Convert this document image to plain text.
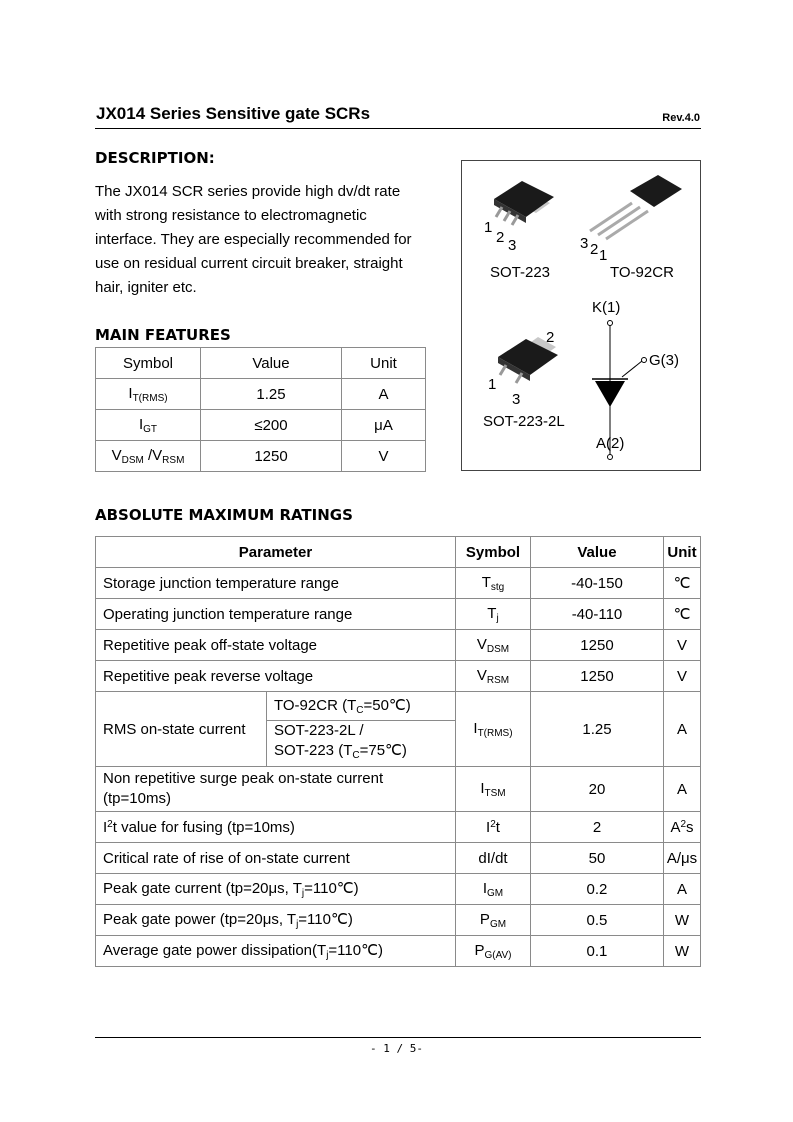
JX014 Series Sensitive gate SCRs	Rev.4.0
DESCRIPTION:
The JX014 SCR series provide high dv/dt rate
with strong resistance to electromagnetic
interface. They are especially recommended for
use on residual current circuit breaker, straight
hair, igniter etc.
MAIN FEATURES
Symbol	Value	Unit
$I_{T(RMS)}$	1.25	A
$I_{GT}$	≤200	μA
$V_{DSM}$ $/V_{RSM}$	1250	V
1
2 3	3 2 1
SOT-223	TO-92CR
2
1
3
SOT-223-2L
K(1)
G(3)
A(2)
ABSOLUTE MAXIMUM RATINGS
Parameter		Symbol	Value	Unit
Storage junction temperature range		$T_{stg}$	-40-150	℃
Operating junction temperature range		$T_j$	-40-110	℃
Repetitive peak off-state voltage		$V_{DSM}$	1250	V
Repetitive peak reverse voltage		$V_{RSM}$	1250	V
RMS on-state current	TO-92CR $(T_C=50℃)$	$I_{T(RMS)}$	1.25	A

	SOT-223-2L /
SOT-223 $(T_C=75℃)$			

Non repetitive surge peak on-state current
(tp=10ms)		$I_{TSM}$	20	A
$I^2t$ value for fusing (tp=10ms)		$I^2t$	2	$A^2s$
Critical rate of rise of on-state current		dI/dt	50	A/μs
Peak gate current (tp=20μs, $T_j=110℃$)		$I_{GM}$	0.2	A
Peak gate power (tp=20μs, $T_j=110℃$)		$P_{GM}$	0.5	W
Average gate power $dissipation(T_j=110℃)$		$P_{G(AV)}$	0.1	W
- 1 / 5-
